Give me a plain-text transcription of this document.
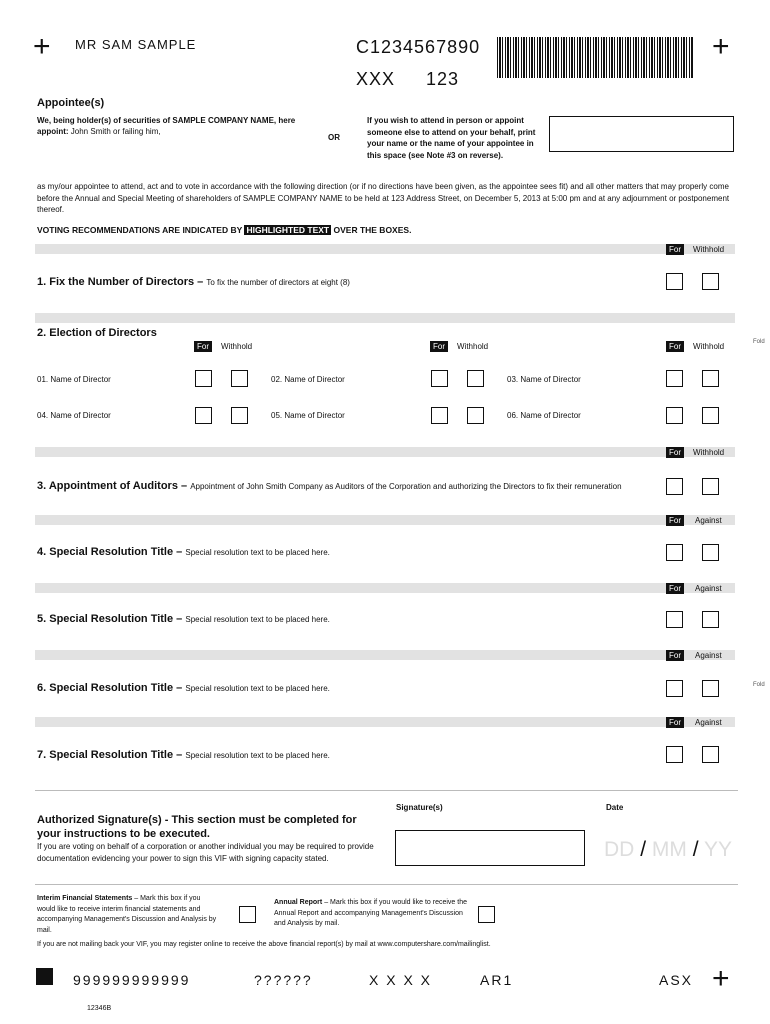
+	+
+
MR SAM SAMPLE	C1234567890
XXX 123
Appointee(s)
We, being holder(s) of securities of SAMPLE COMPANY NAME, here
appoint: John Smith or failing him,
OR
If you wish to attend in person or appoint someone else to attend on your behalf, print your name or the name of your appointee in this space (see Note #3 on reverse).
as my/our appointee to attend, act and to vote in accordance with the following direction (or if no directions have been given, as the appointee sees fit) and all other matters that may properly come before the Annual and Special Meeting of shareholders of SAMPLE COMPANY NAME to be held at 123 Address Street, on December 5, 2013 at 5:00 pm and at any adjournment or postponement thereof.
VOTING RECOMMENDATIONS ARE INDICATED BY HIGHLIGHTED TEXT OVER THE BOXES.
For	Withhold
1. Fix the Number of Directors – To fix the number of directors at eight (8)
2. Election of Directors
For	Withhold	For	Withhold	For	Withhold	Fold
01. Name of Director	02. Name of Director	03. Name of Director
04. Name of Director	05. Name of Director	06. Name of Director
For	Withhold
3. Appointment of Auditors – Appointment of John Smith Company as Auditors of the Corporation and authorizing the Directors to fix their remuneration
For	Against
4. Special Resolution Title – Special resolution text to be placed here.
For	Against
5. Special Resolution Title – Special resolution text to be placed here.
For	Against
6. Special Resolution Title – Special resolution text to be placed here.	Fold
For	Against
7. Special Resolution Title – Special resolution text to be placed here.
Authorized Signature(s) - This section must be completed for your instructions to be executed.
If you are voting on behalf of a corporation or another individual you may be required to provide documentation evidencing your power to sign this VIF with signing capacity stated.
Signature(s)	Date
DD / MM / YY
Interim Financial Statements – Mark this box if you would like to receive interim financial statements and accompanying Management's Discussion and Analysis by mail.
Annual Report – Mark this box if you would like to receive the Annual Report and accompanying Management's Discussion and Analysis by mail.
If you are not mailing back your VIF, you may register online to receive the above financial report(s) by mail at www.computershare.com/mailinglist.
999999999999	??????	X X X X	AR1	ASX
12346B
